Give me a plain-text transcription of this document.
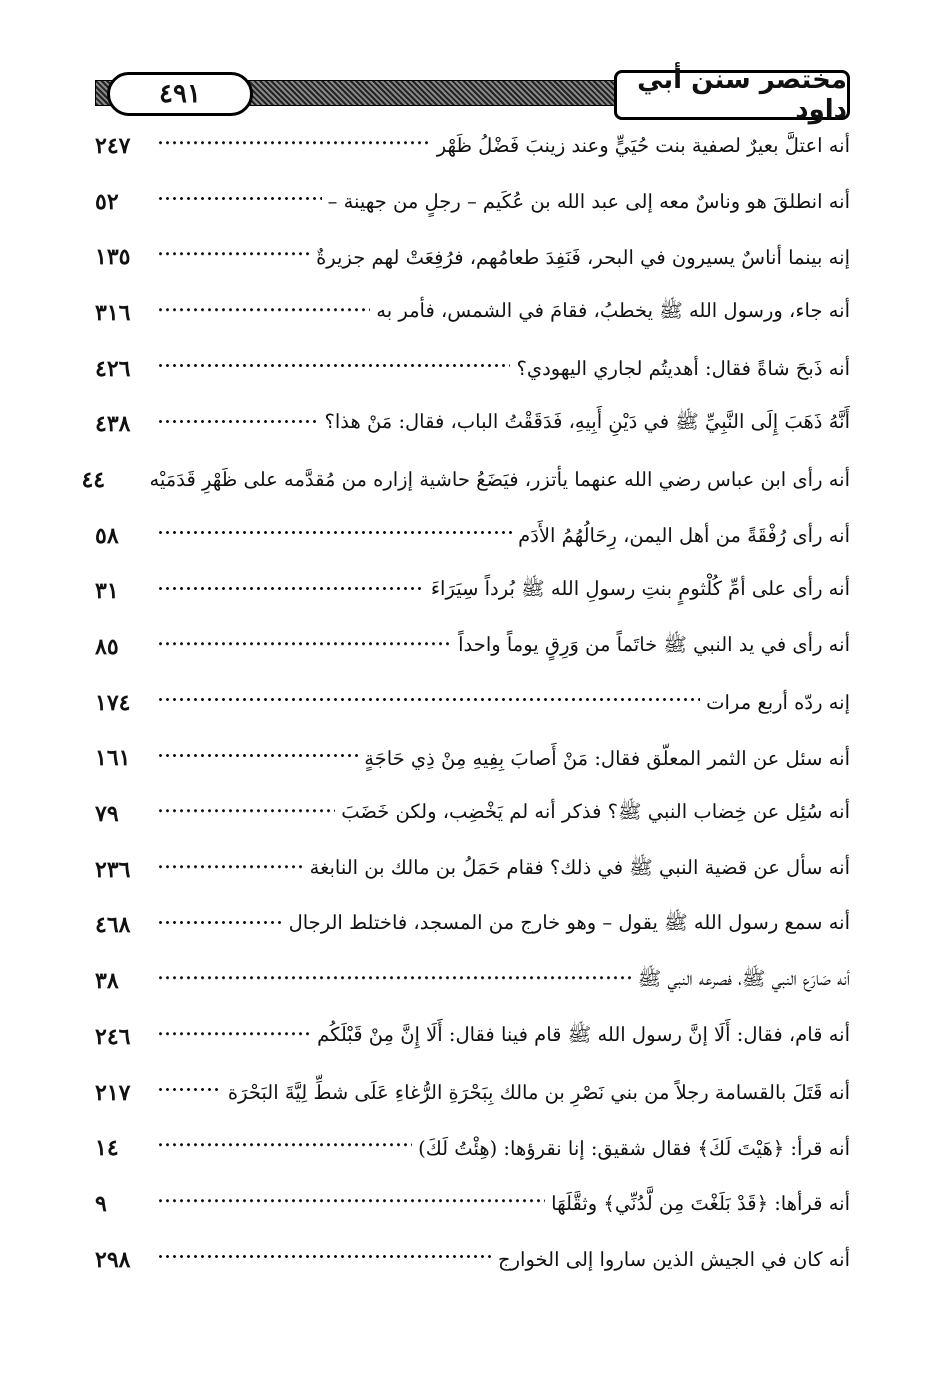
٤٩١	مختصر سنن أبي داود
أنه اعتلَّ بعيرٌ لصفية بنت حُيَيٍّ وعند زينبَ فَضْلُ ظَهْر
٢٤٧
أنه انطلقَ هو وناسٌ معه إلى عبد الله بن عُكَيم – رجلٍ من جهينة –
٥٢
إنه بينما أناسٌ يسيرون في البحر، فَنَفِدَ طعامُهم، فرُفِعَتْ لهم جزيرةٌ
١٣٥
أنه جاء، ورسول الله ﷺ يخطبُ، فقامَ في الشمس، فأمر به
٣١٦
أنه ذَبحَ شاةً فقال: أهديتُم لجاري اليهودي؟
٤٢٦
أَنَّهُ ذَهَبَ إِلَى النَّبِيِّ ﷺ في دَيْنِ أَبِيهِ، فَدَقَقْتُ الباب، فقال: مَنْ هذا؟
٤٣٨
أنه رأى ابن عباس رضي الله عنهما يأتزر، فيَضَعُ حاشية إزاره من مُقدَّمه على ظَهْرِ قَدَمَيْه
٤٤
أنه رأى رُفْقَةً من أهل اليمن، رِحَالُهُمُ الأَدَم
٥٨
أنه رأى على أمِّ كُلْثومٍ بنتِ رسولِ الله ﷺ بُرداً سِيَرَاءَ
٣١
أنه رأى في يد النبي ﷺ خاتَماً من وَرِقٍ يوماً واحداً
٨٥
إنه ردّه أربع مرات
١٧٤
أنه سئل عن الثمر المعلّق فقال: مَنْ أَصابَ بِفِيهِ مِنْ ذِي حَاجَةٍ
١٦١
أنه سُئِل عن خِضاب النبي ﷺ؟ فذكر أنه لم يَخْضِب، ولكن خَضَبَ
٧٩
أنه سأل عن قضية النبي ﷺ في ذلك؟ فقام حَمَلُ بن مالك بن النابغة
٢٣٦
أنه سمع رسول الله ﷺ يقول – وهو خارج من المسجد، فاختلط الرجال
٤٦٨
أنه صَارَع النبي ﷺ، فصرعه النبي ﷺ
٣٨
أنه قام، فقال: أَلَا إنَّ رسول الله ﷺ قام فينا فقال: أَلَا إِنَّ مِنْ قَبْلَكُم
٢٤٦
أنه قَتَلَ بالقسامة رجلاً من بني نَصْرِ بن مالك بِبَحْرَةِ الرُّغاءِ عَلَى شطِّ لِيَّةَ البَحْرَة
٢١٧
أنه قرأ: ﴿هَيْتَ لَكَ﴾ فقال شقيق: إنا نقرؤها: (هِئْتُ لَكَ)
١٤
أنه قرأها: ﴿قَدْ بَلَغْتَ مِن لَّدُنِّي﴾ وثقَّلَهَا
٩
أنه كان في الجيش الذين ساروا إلى الخوارج
٢٩٨
